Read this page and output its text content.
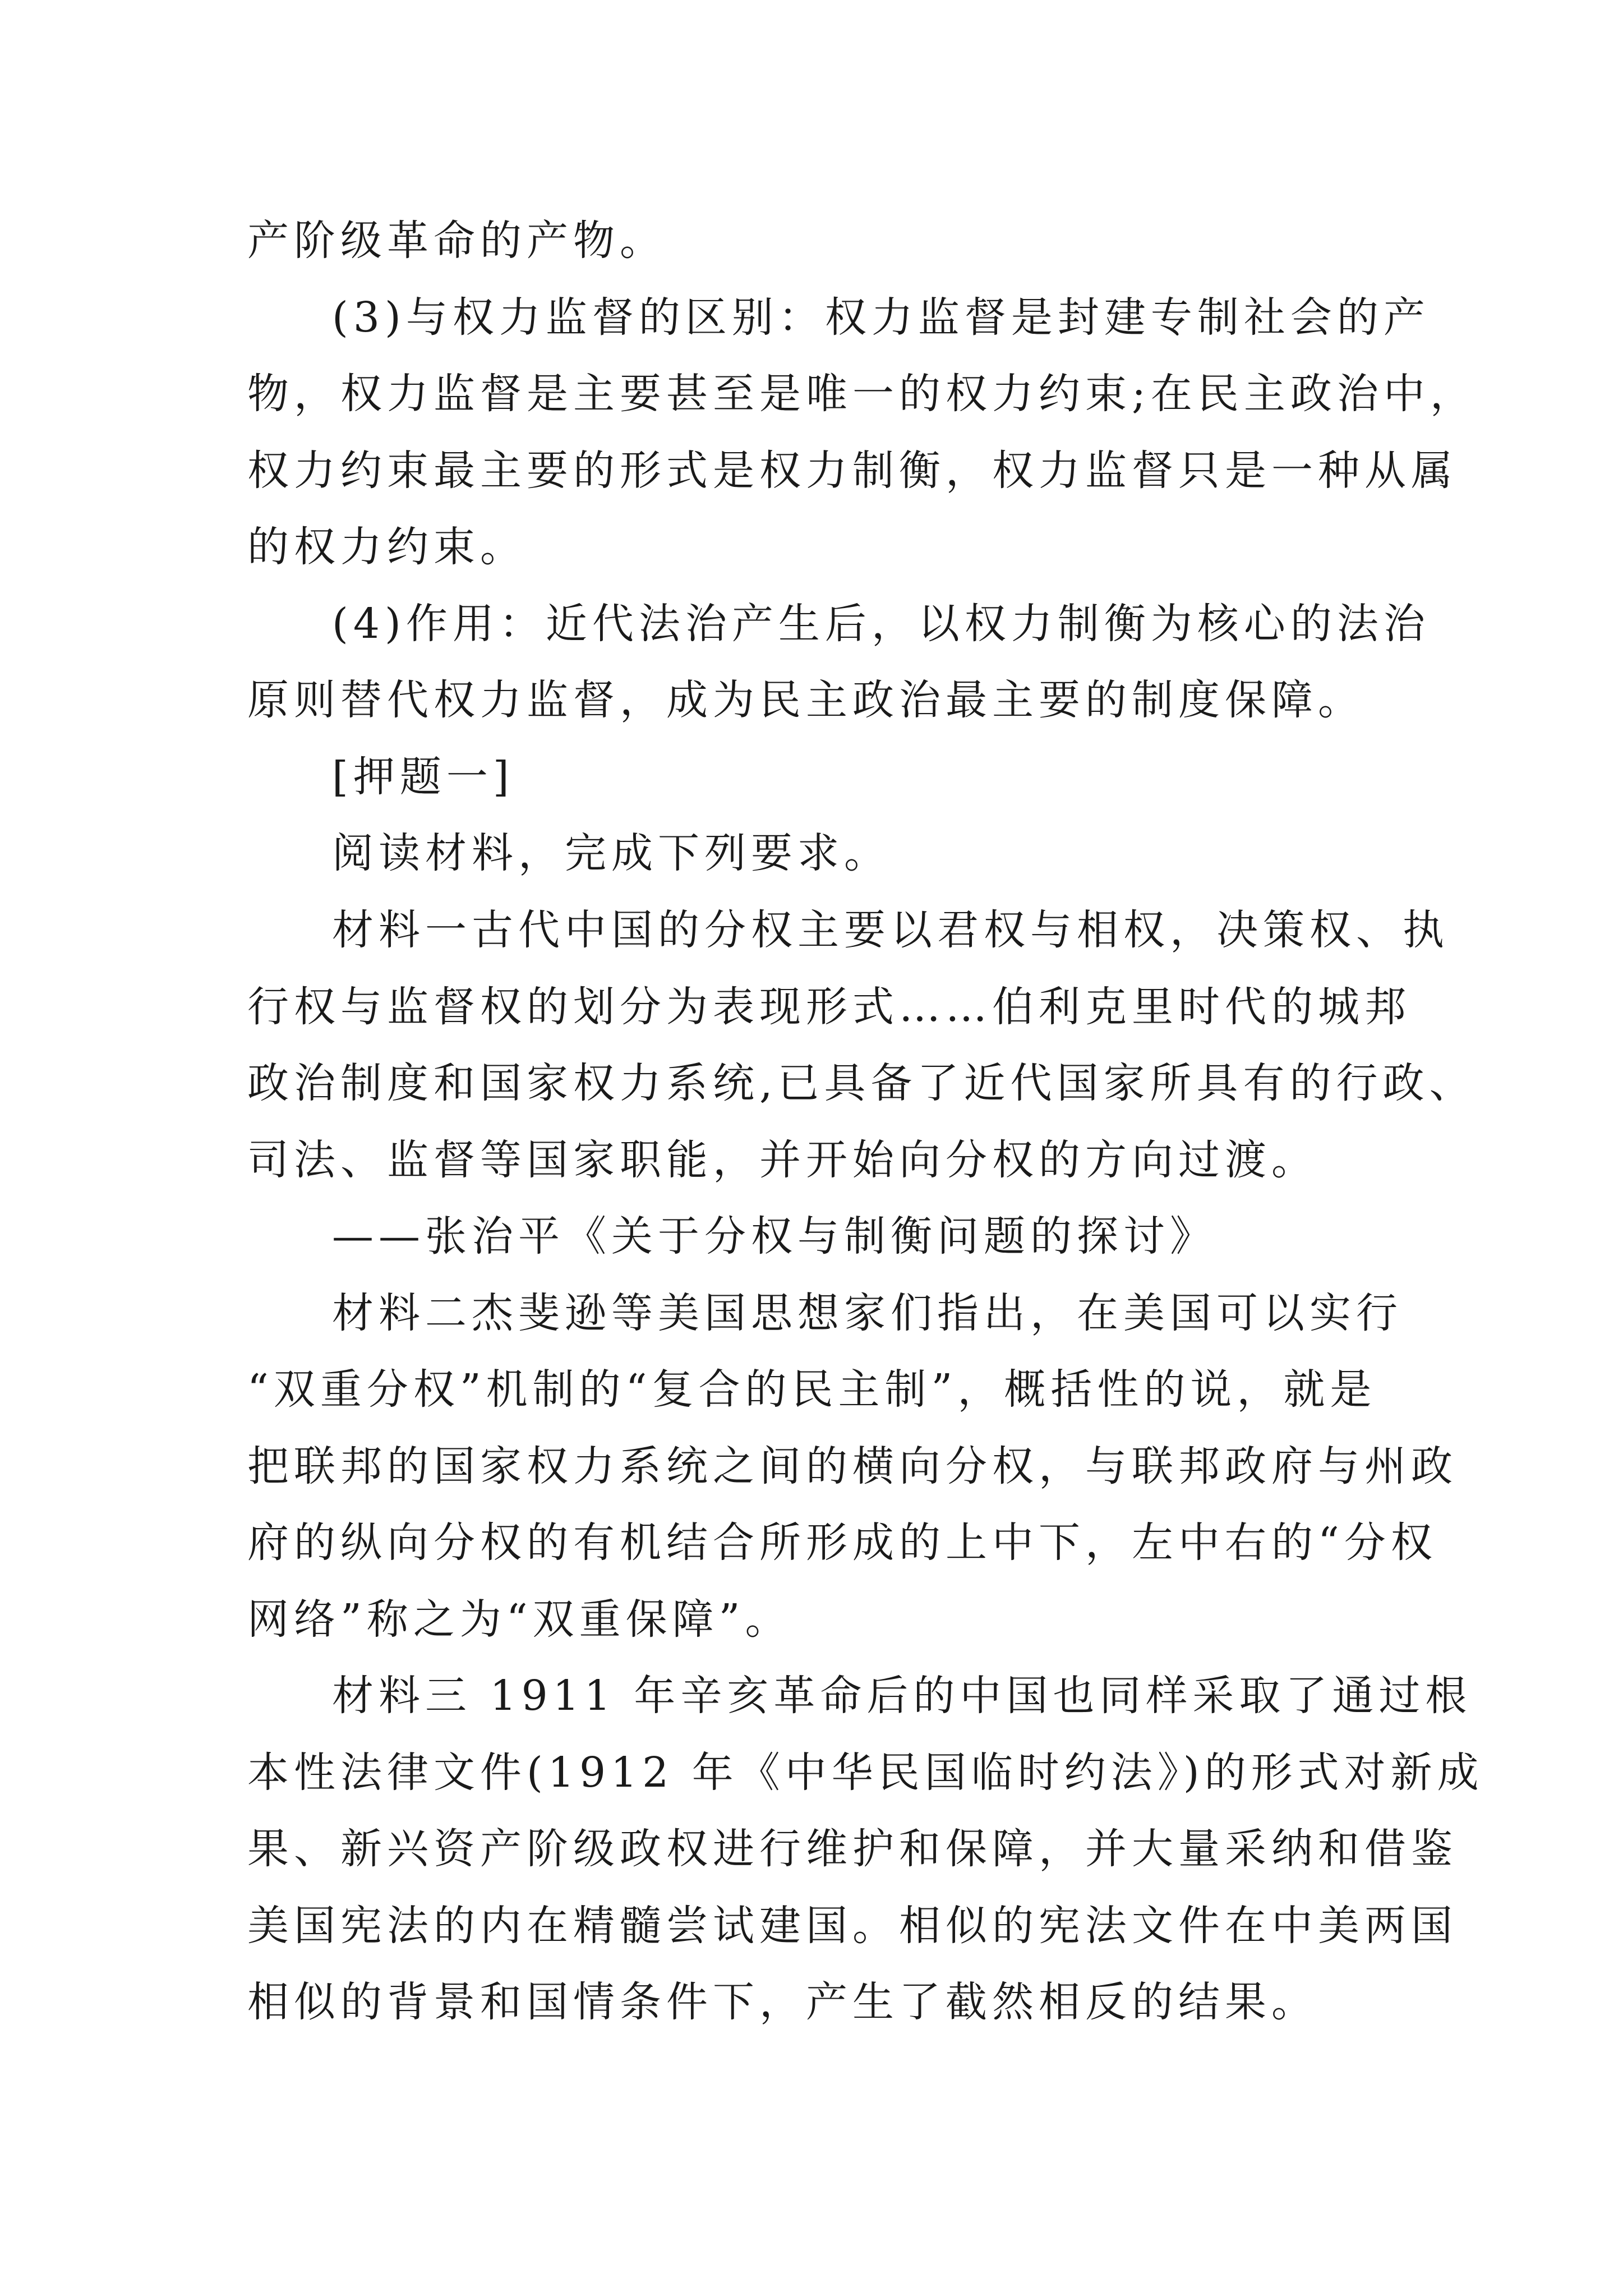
产阶级革命的产物。
(3)与权力监督的区别：权力监督是封建专制社会的产
物，权力监督是主要甚至是唯一的权力约束;在民主政治中，
权力约束最主要的形式是权力制衡，权力监督只是一种从属
的权力约束。
(4)作用：近代法治产生后，以权力制衡为核心的法治
原则替代权力监督，成为民主政治最主要的制度保障。
[押题一]
阅读材料，完成下列要求。
材料一古代中国的分权主要以君权与相权，决策权、执
行权与监督权的划分为表现形式……伯利克里时代的城邦
政治制度和国家权力系统,已具备了近代国家所具有的行政、
司法、监督等国家职能，并开始向分权的方向过渡。
——张治平《关于分权与制衡问题的探讨》
材料二杰斐逊等美国思想家们指出，在美国可以实行
“双重分权”机制的“复合的民主制”，概括性的说，就是
把联邦的国家权力系统之间的横向分权，与联邦政府与州政
府的纵向分权的有机结合所形成的上中下，左中右的“分权
网络”称之为“双重保障”。
材料三 1911 年辛亥革命后的中国也同样采取了通过根
本性法律文件(1912 年《中华民国临时约法》)的形式对新成
果、新兴资产阶级政权进行维护和保障，并大量采纳和借鉴
美国宪法的内在精髓尝试建国。相似的宪法文件在中美两国
相似的背景和国情条件下，产生了截然相反的结果。
